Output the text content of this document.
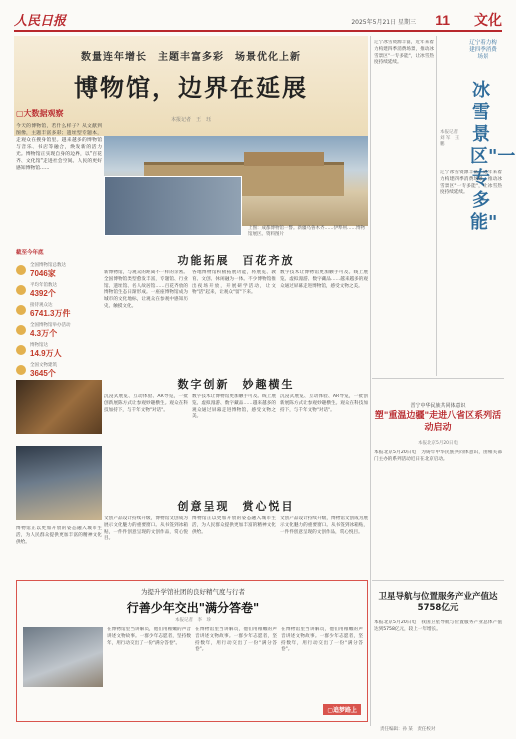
人民日报	2025年5月21日 星期三 11 文化
数量连年增长　主题丰富多彩　场景优化上新
博物馆，边界在延展
本报记者　王　珏
▢大数据观察
今天的博物馆，若什么样子？从文献到图像，主题丰富多彩；遗址型专题本，走观众在搜身馆里。越来越多的博物馆与音乐、书店等融合，焕发新的活力光。博物馆正实现自身的边界，以"百花齐、文化馆"走进社会空间。人民的更好感知博物馆……
上图：成都博物馆一瞥。新疆乌鲁木齐……伊犁州……博物馆展区。资料图片
截至今年底
全国博物馆总数达
7046家
平均年馆数达
4392个
接待观众达
6741.3万件
全国博物馆举办活动
4.3万个
博物馆达
14.9万人
全国文物建筑
3645个
功能拓展　 百花齐放
新博物馆，与观众的距离不一样的亲密。全国博物馆类型愈发丰富，专题馆、行业馆、遗址馆、名人故居馆……百花齐放的博物馆生态日渐形成。一座座博物馆成为城市的文化地标，让观众在参观中感知历史、触摸文化。
各地博物馆积极拓展功能，将展览、教育、文创、休闲融为一体。不少博物馆推出夜场开放，开展研学活动，让文物"活"起来，让观众"留"下来。
数字技术让博物馆更加触手可及。线上展览、虚拟漫游、数字藏品……越来越多的观众通过屏幕走进博物馆，感受文物之美。
数字创新　 妙趣横生
沉浸式展览、互动体验、AR导览，一批创新展陈方式让参观妙趣横生。观众在科技加持下，与千年文物"对话"。
数字技术让博物馆更加触手可及。线上展览、虚拟漫游、数字藏品……越来越多的观众通过屏幕走进博物馆，感受文物之美。
沉浸式展览、互动体验、AR导览，一批创新展陈方式让参观妙趣横生。观众在科技加持下，与千年文物"对话"。
创意呈现　 赏心悦目
文创产品设计持续升级，博物馆文创成为展示文化魅力的重要窗口。从书签到冰箱贴，一件件创意呈现的文创作品，赏心悦目。
博物馆正以更加开放的姿态融入城市生活，为人民群众提供更加丰富的精神文化供给。
文创产品设计持续升级，博物馆文创成为展示文化魅力的重要窗口。从书签到冰箱贴，一件件创意呈现的文创作品，赏心悦目。
博物馆正以更加开放的姿态融入城市生活，为人民群众提供更加丰富的精神文化供给。
为提升学馆社团的良好精气度与行者
行善少年交出"满分答卷"
本报记者　李　珍
在博物馆里当讲解员，他们用稚嫩的声音讲述文物故事。一群少年志愿者，坚持数年，用行动交出了一份"满分答卷"。
在博物馆里当讲解员，他们用稚嫩的声音讲述文物故事。一群少年志愿者，坚持数年，用行动交出了一份"满分答卷"。
在博物馆里当讲解员，他们用稚嫩的声音讲述文物故事。一群少年志愿者，坚持数年，用行动交出了一份"满分答卷"。
▢追梦路上
辽宁冰雪资源丰富，近年来着力构建四季消费场景，推动冰雪景区"一专多能"，让冰雪热度持续延续。
辽宁着力构建四季消费场景
冰雪景区"一专多能"
本报记者　刘 军　王 鹏
辽宁冰雪资源丰富，近年来着力构建四季消费场景，推动冰雪景区"一专多能"，让冰雪热度持续延续。
晋宁中华民族共同体意识
塑"重温边疆"走进八省区系列活动启动
本报北京5月20日电
本报北京5月20日电　为铸牢中华民族共同体意识，由相关部门主办的系列活动近日在北京启动。
卫星导航与位置服务产业产值达5758亿元
本报北京5月20日电　我国卫星导航与位置服务产业总体产值达到5758亿元，较上一年增长。
责任编辑：孙 某　责任校对
